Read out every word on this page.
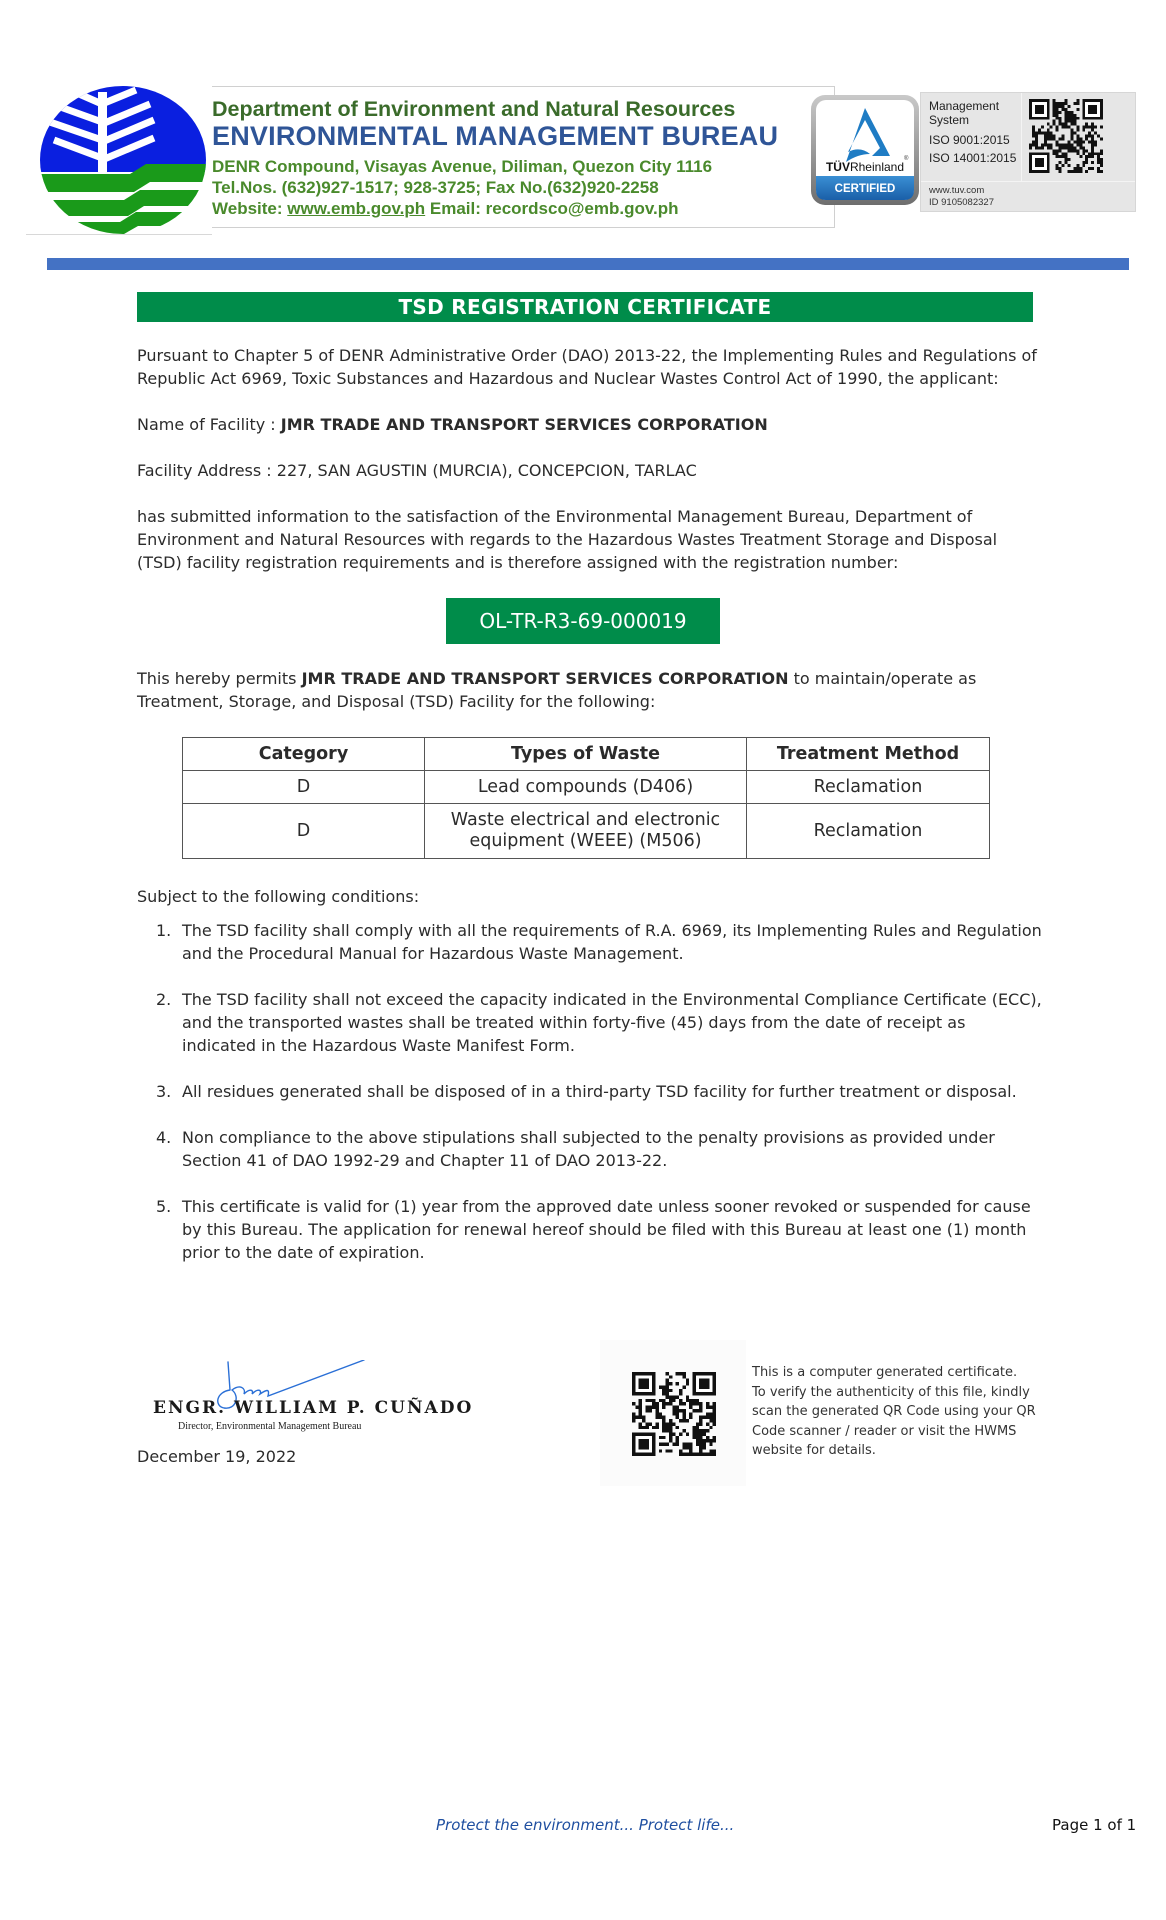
Department of Environment and Natural Resources
ENVIRONMENTAL MANAGEMENT BUREAU
DENR Compound, Visayas Avenue, Diliman, Quezon City 1116
Tel.Nos. (632)927-1517; 928-3725; Fax No.(632)920-2258
Website: www.emb.gov.ph Email: recordsco@emb.gov.ph
TÜVRheinland
®
CERTIFIED
Management System
ISO 9001:2015
ISO 14001:2015
www.tuv.com
ID 9105082327
TSD REGISTRATION CERTIFICATE
Pursuant to Chapter 5 of DENR Administrative Order (DAO) 2013-22, the Implementing Rules and Regulations of Republic Act 6969, Toxic Substances and Hazardous and Nuclear Wastes Control Act of 1990, the applicant:
Name of Facility : JMR TRADE AND TRANSPORT SERVICES CORPORATION
Facility Address : 227, SAN AGUSTIN (MURCIA), CONCEPCION, TARLAC
has submitted information to the satisfaction of the Environmental Management Bureau, Department of Environment and Natural Resources with regards to the Hazardous Wastes Treatment Storage and Disposal (TSD) facility registration requirements and is therefore assigned with the registration number:
OL-TR-R3-69-000019
This hereby permits JMR TRADE AND TRANSPORT SERVICES CORPORATION to maintain/operate as Treatment, Storage, and Disposal (TSD) Facility for the following:
Category	Types of Waste	Treatment Method
D	Lead compounds (D406)	Reclamation
D	Waste electrical and electronic equipment (WEEE) (M506)	Reclamation
Subject to the following conditions:
1. The TSD facility shall comply with all the requirements of R.A. 6969, its Implementing Rules and Regulation and the Procedural Manual for Hazardous Waste Management.
2. The TSD facility shall not exceed the capacity indicated in the Environmental Compliance Certificate (ECC), and the transported wastes shall be treated within forty-five (45) days from the date of receipt as indicated in the Hazardous Waste Manifest Form.
3. All residues generated shall be disposed of in a third-party TSD facility for further treatment or disposal.
4. Non compliance to the above stipulations shall subjected to the penalty provisions as provided under Section 41 of DAO 1992-29 and Chapter 11 of DAO 2013-22.
5. This certificate is valid for (1) year from the approved date unless sooner revoked or suspended for cause by this Bureau. The application for renewal hereof should be filed with this Bureau at least one (1) month prior to the date of expiration.
ENGR. WILLIAM P. CUÑADO
Director, Environmental Management Bureau
December 19, 2022
This is a computer generated certificate.
To verify the authenticity of this file, kindly scan the generated QR Code using your QR Code scanner / reader or visit the HWMS website for details.
Protect the environment... Protect life...	Page 1 of 1
